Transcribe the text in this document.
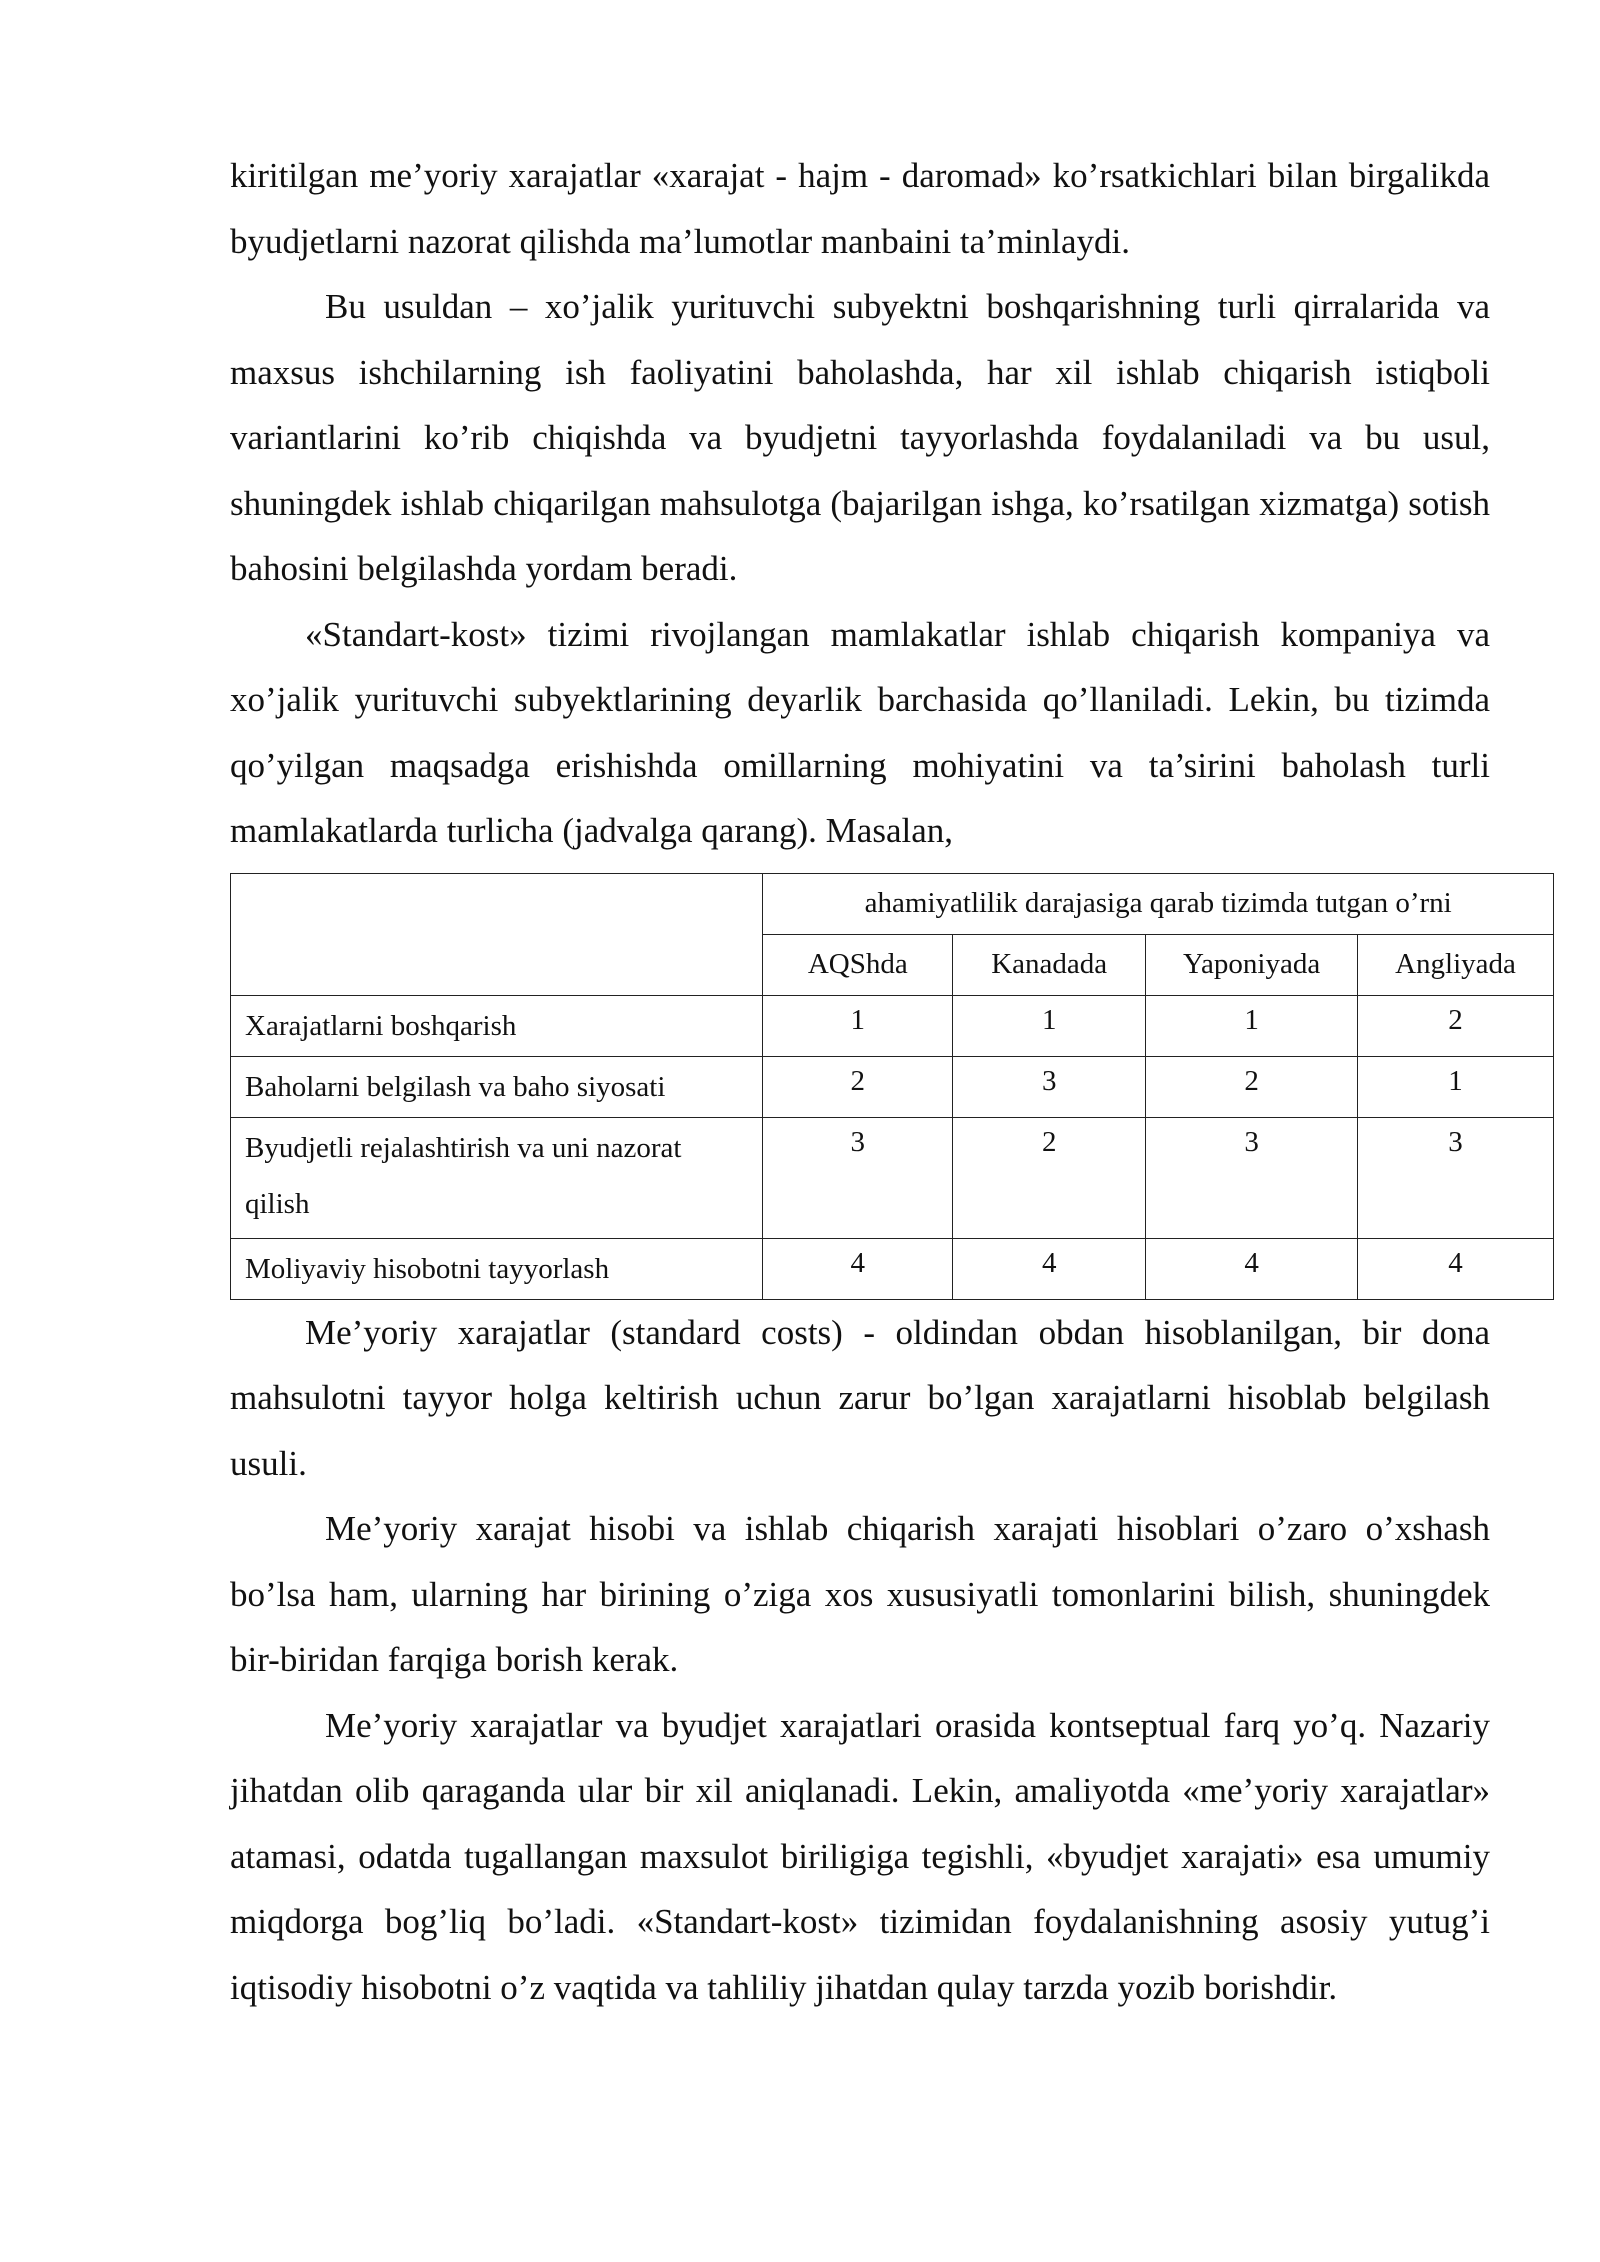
kiritilgan me’yoriy xarajatlar «xarajat - hajm - daromad» ko’rsatkichlari bilan birgalikda byudjetlarni nazorat qilishda ma’lumotlar manbaini ta’minlaydi.

Bu usuldan – xo’jalik yurituvchi subyektni boshqarishning turli qirralarida va maxsus ishchilarning ish faoliyatini baholashda, har xil ishlab chiqarish istiqboli variantlarini ko’rib chiqishda va byudjetni tayyorlashda foydalaniladi va bu usul, shuningdek ishlab chiqarilgan mahsulotga (bajarilgan ishga, ko’rsatilgan xizmatga) sotish bahosini belgilashda yordam beradi.

«Standart-kost» tizimi rivojlangan mamlakatlar ishlab chiqarish kompaniya va xo’jalik yurituvchi subyektlarining deyarlik barchasida qo’llaniladi. Lekin, bu tizimda qo’yilgan maqsadga erishishda omillarning mohiyatini va ta’sirini baholash turli mamlakatlarda turlicha (jadvalga qarang). Masalan,

	ahamiyatlilik darajasiga qarab tizimda tutgan o’rni			
	AQShda	Kanadada	Yaponiyada	Angliyada
Xarajatlarni boshqarish	1	1	1	2
Baholarni belgilash va baho siyosati	2	3	2	1
Byudjetli rejalashtirish va uni nazorat qilish	3	2	3	3
Moliyaviy hisobotni tayyorlash	4	4	4	4

Me’yoriy xarajatlar (standard costs) - oldindan obdan hisoblanilgan, bir dona mahsulotni tayyor holga keltirish uchun zarur bo’lgan xarajatlarni hisoblab belgilash usuli.

Me’yoriy xarajat hisobi va ishlab chiqarish xarajati hisoblari o’zaro o’xshash bo’lsa ham, ularning har birining o’ziga xos xususiyatli tomonlarini bilish, shuningdek bir-biridan farqiga borish kerak.

Me’yoriy xarajatlar va byudjet xarajatlari orasida kontseptual farq yo’q. Nazariy jihatdan olib qaraganda ular bir xil aniqlanadi. Lekin, amaliyotda «me’yoriy xarajatlar» atamasi, odatda tugallangan maxsulot biriligiga tegishli, «byudjet xarajati» esa umumiy miqdorga bog’liq bo’ladi. «Standart-kost» tizimidan foydalanishning asosiy yutug’i iqtisodiy hisobotni o’z vaqtida va tahliliy jihatdan qulay tarzda yozib borishdir.
